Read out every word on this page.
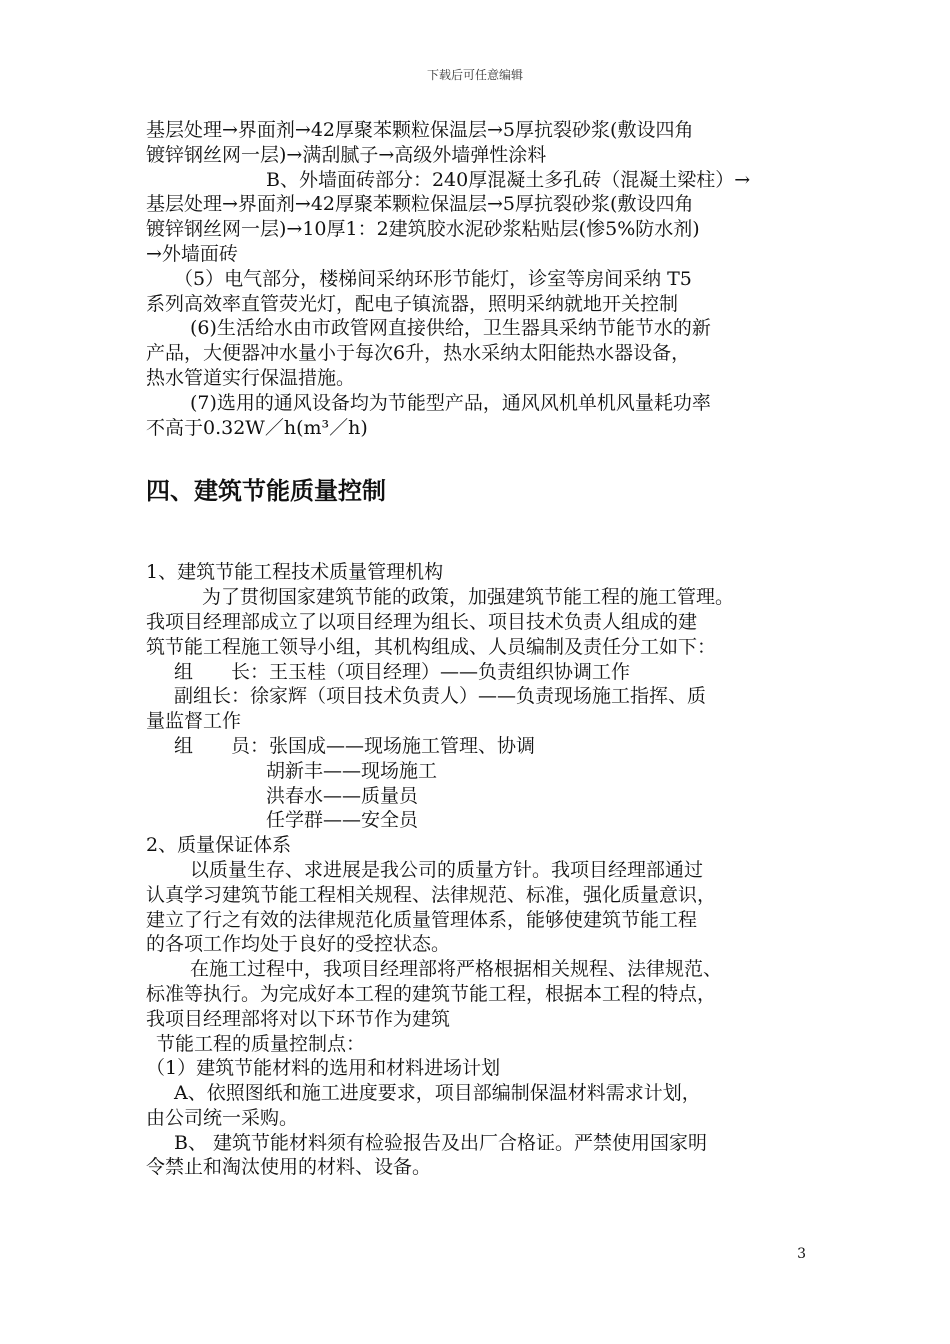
下载后可任意编辑
基层处理→界面剂→42厚聚苯颗粒保温层→5厚抗裂砂浆(敷设四角
镀锌钢丝网一层)→满刮腻子→高级外墙弹性涂料
B、外墙面砖部分：240厚混凝土多孔砖（混凝土梁柱）→
基层处理→界面剂→42厚聚苯颗粒保温层→5厚抗裂砂浆(敷设四角
镀锌钢丝网一层)→10厚1：2建筑胶水泥砂浆粘贴层(惨5%防水剂)
→外墙面砖
（5）电气部分，楼梯间采纳环形节能灯，诊室等房间采纳 T5
系列高效率直管荧光灯，配电子镇流器，照明采纳就地开关控制
(6)生活给水由市政管网直接供给，卫生器具采纳节能节水的新
产品，大便器冲水量小于每次6升，热水采纳太阳能热水器设备，
热水管道实行保温措施。
(7)选用的通风设备均为节能型产品，通风风机单机风量耗功率
不高于0.32W／h(m³／h)
四、建筑节能质量控制
1、建筑节能工程技术质量管理机构
为了贯彻国家建筑节能的政策，加强建筑节能工程的施工管理。
我项目经理部成立了以项目经理为组长、项目技术负责人组成的建
筑节能工程施工领导小组，其机构组成、人员编制及责任分工如下：
组　　长：王玉桂（项目经理）——负责组织协调工作
副组长：徐家辉（项目技术负责人）——负责现场施工指挥、质
量监督工作
组　　员：张国成——现场施工管理、协调
胡新丰——现场施工
洪春水——质量员
任学群——安全员
2、质量保证体系
以质量生存、求进展是我公司的质量方针。我项目经理部通过
认真学习建筑节能工程相关规程、法律规范、标准，强化质量意识，
建立了行之有效的法律规范化质量管理体系，能够使建筑节能工程
的各项工作均处于良好的受控状态。
在施工过程中，我项目经理部将严格根据相关规程、法律规范、
标准等执行。为完成好本工程的建筑节能工程，根据本工程的特点，
我项目经理部将对以下环节作为建筑
节能工程的质量控制点：
（1）建筑节能材料的选用和材料进场计划
A、依照图纸和施工进度要求，项目部编制保温材料需求计划，
由公司统一采购。
B、 建筑节能材料须有检验报告及出厂合格证。严禁使用国家明
令禁止和淘汰使用的材料、设备。
3
